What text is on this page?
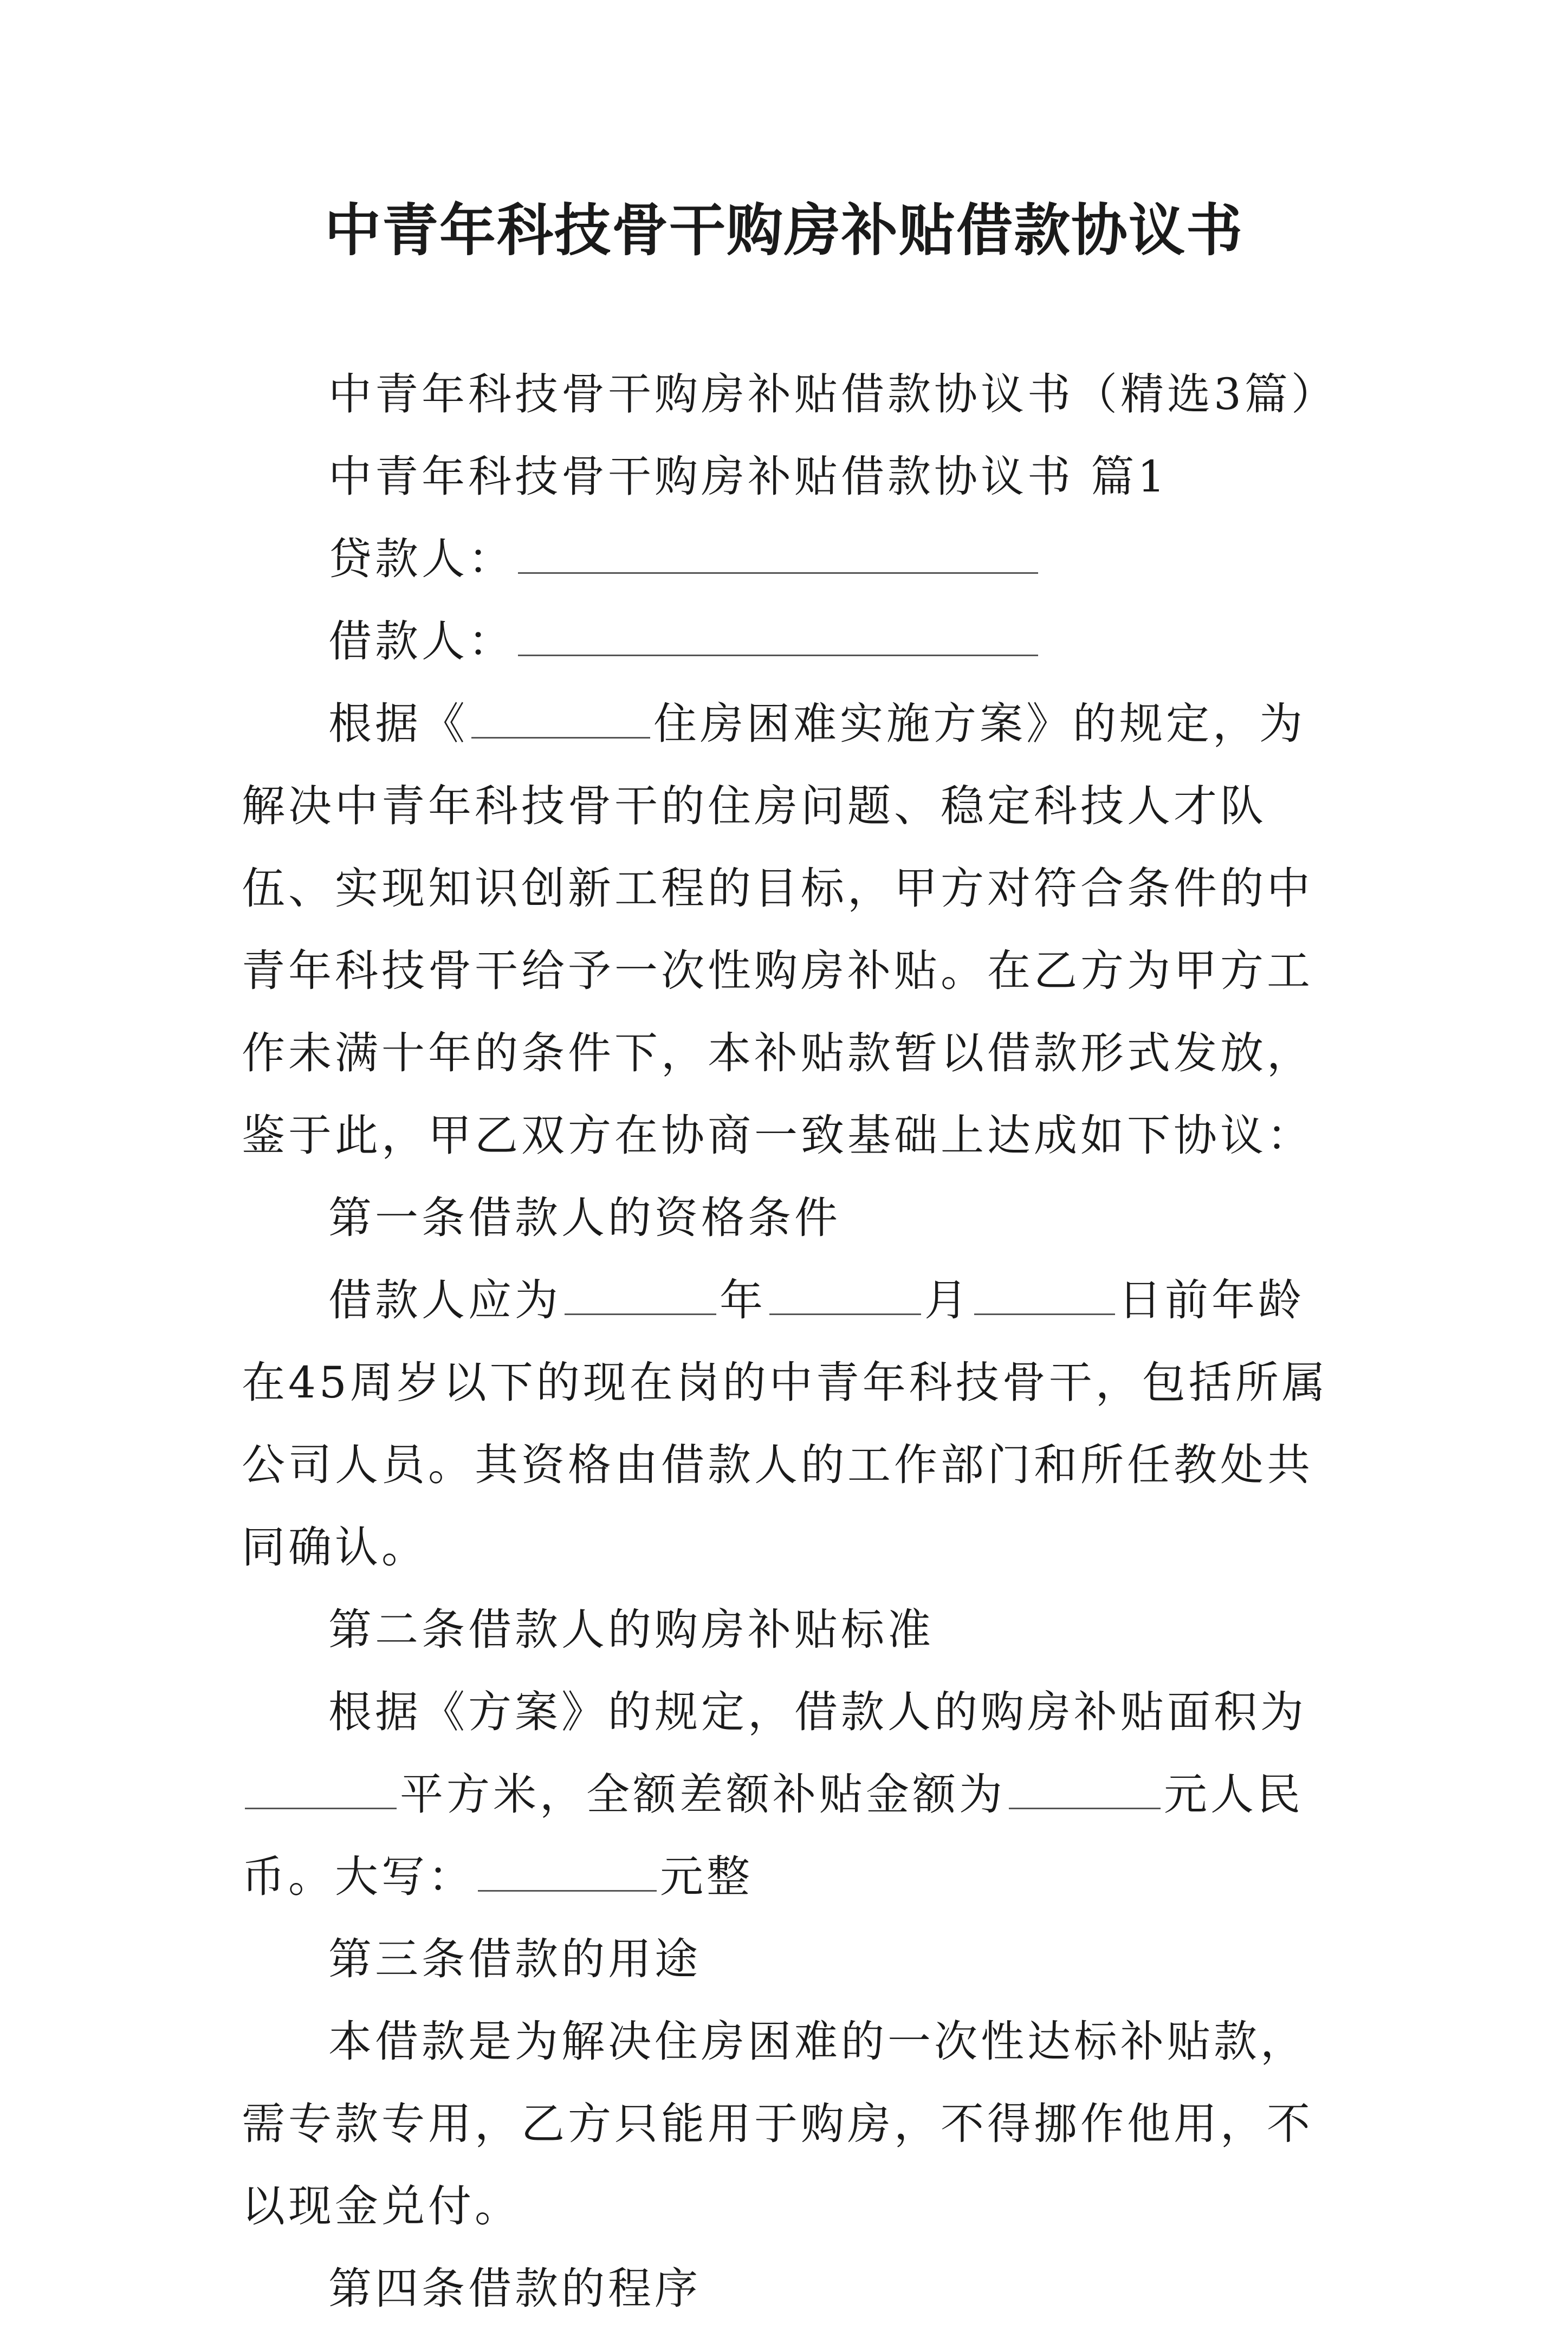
中青年科技骨干购房补贴借款协议书

中青年科技骨干购房补贴借款协议书（精选3篇）

中青年科技骨干购房补贴借款协议书 篇1

贷款人：

借款人：

根据《	住房困难实施方案》的规定，为解决中青年科技骨干的住房问题、稳定科技人才队伍、实现知识创新工程的目标，甲方对符合条件的中青年科技骨干给予一次性购房补贴。在乙方为甲方工作未满十年的条件下，本补贴款暂以借款形式发放，鉴于此，甲乙双方在协商一致基础上达成如下协议：

第一条借款人的资格条件

借款人应为	年	月	日前年龄在45周岁以下的现在岗的中青年科技骨干，包括所属公司人员。其资格由借款人的工作部门和所任教处共同确认。

第二条借款人的购房补贴标准

根据《方案》的规定，借款人的购房补贴面积为平方米，全额差额补贴金额为	元人民币。大写：	元整

第三条借款的用途

本借款是为解决住房困难的一次性达标补贴款，需专款专用，乙方只能用于购房，不得挪作他用，不以现金兑付。

第四条借款的程序
